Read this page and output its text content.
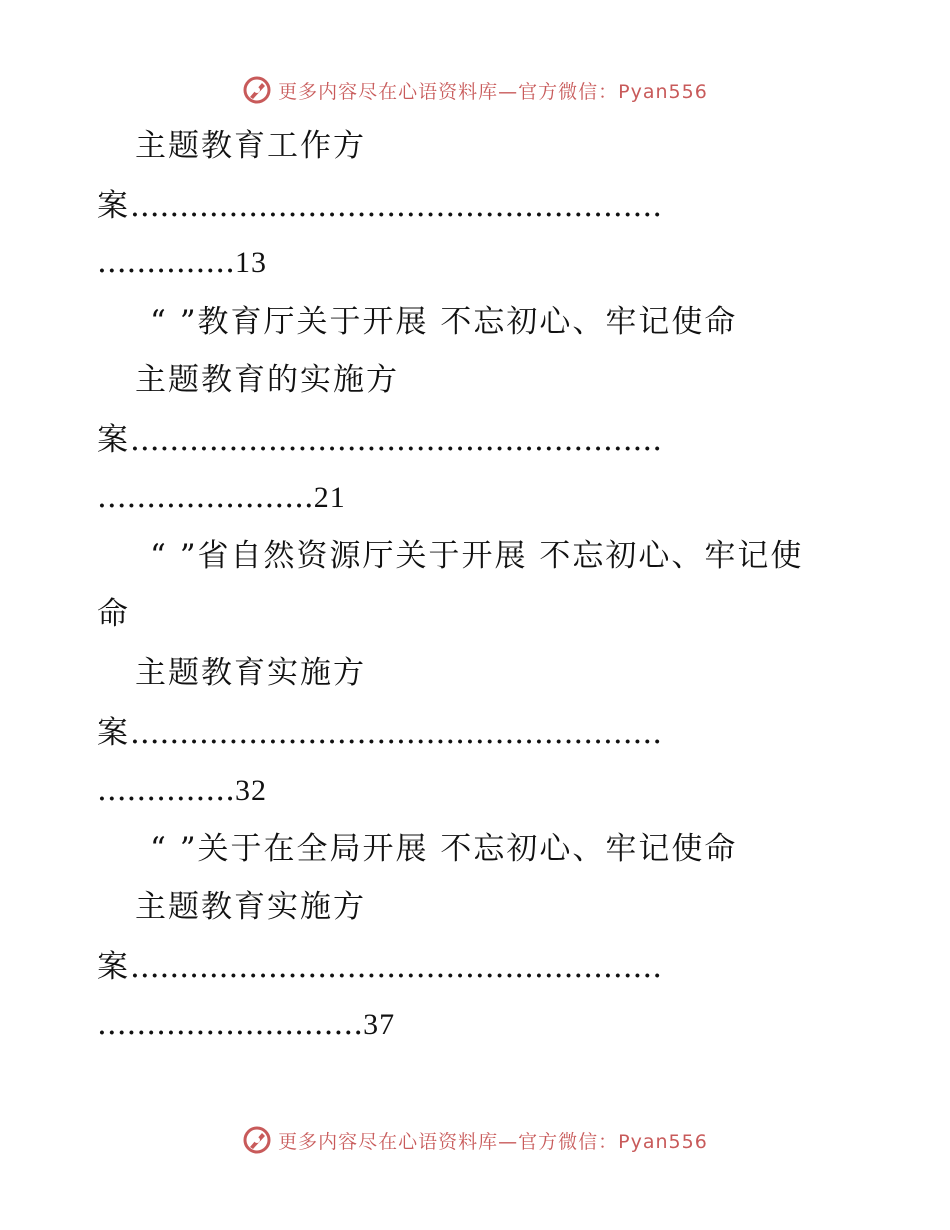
更多内容尽在心语资料库—官方微信：Pyan556
主题教育工作方
案 ......................................................
..............13
“ ”教育厅关于开展 不忘初心、牢记使命
主题教育的实施方
案 ......................................................
......................21
“ ”省自然资源厅关于开展 不忘初心、牢记使
命
主题教育实施方
案 ......................................................
..............32
“ ”关于在全局开展 不忘初心、牢记使命
主题教育实施方
案 ......................................................
...........................37
更多内容尽在心语资料库—官方微信：Pyan556
